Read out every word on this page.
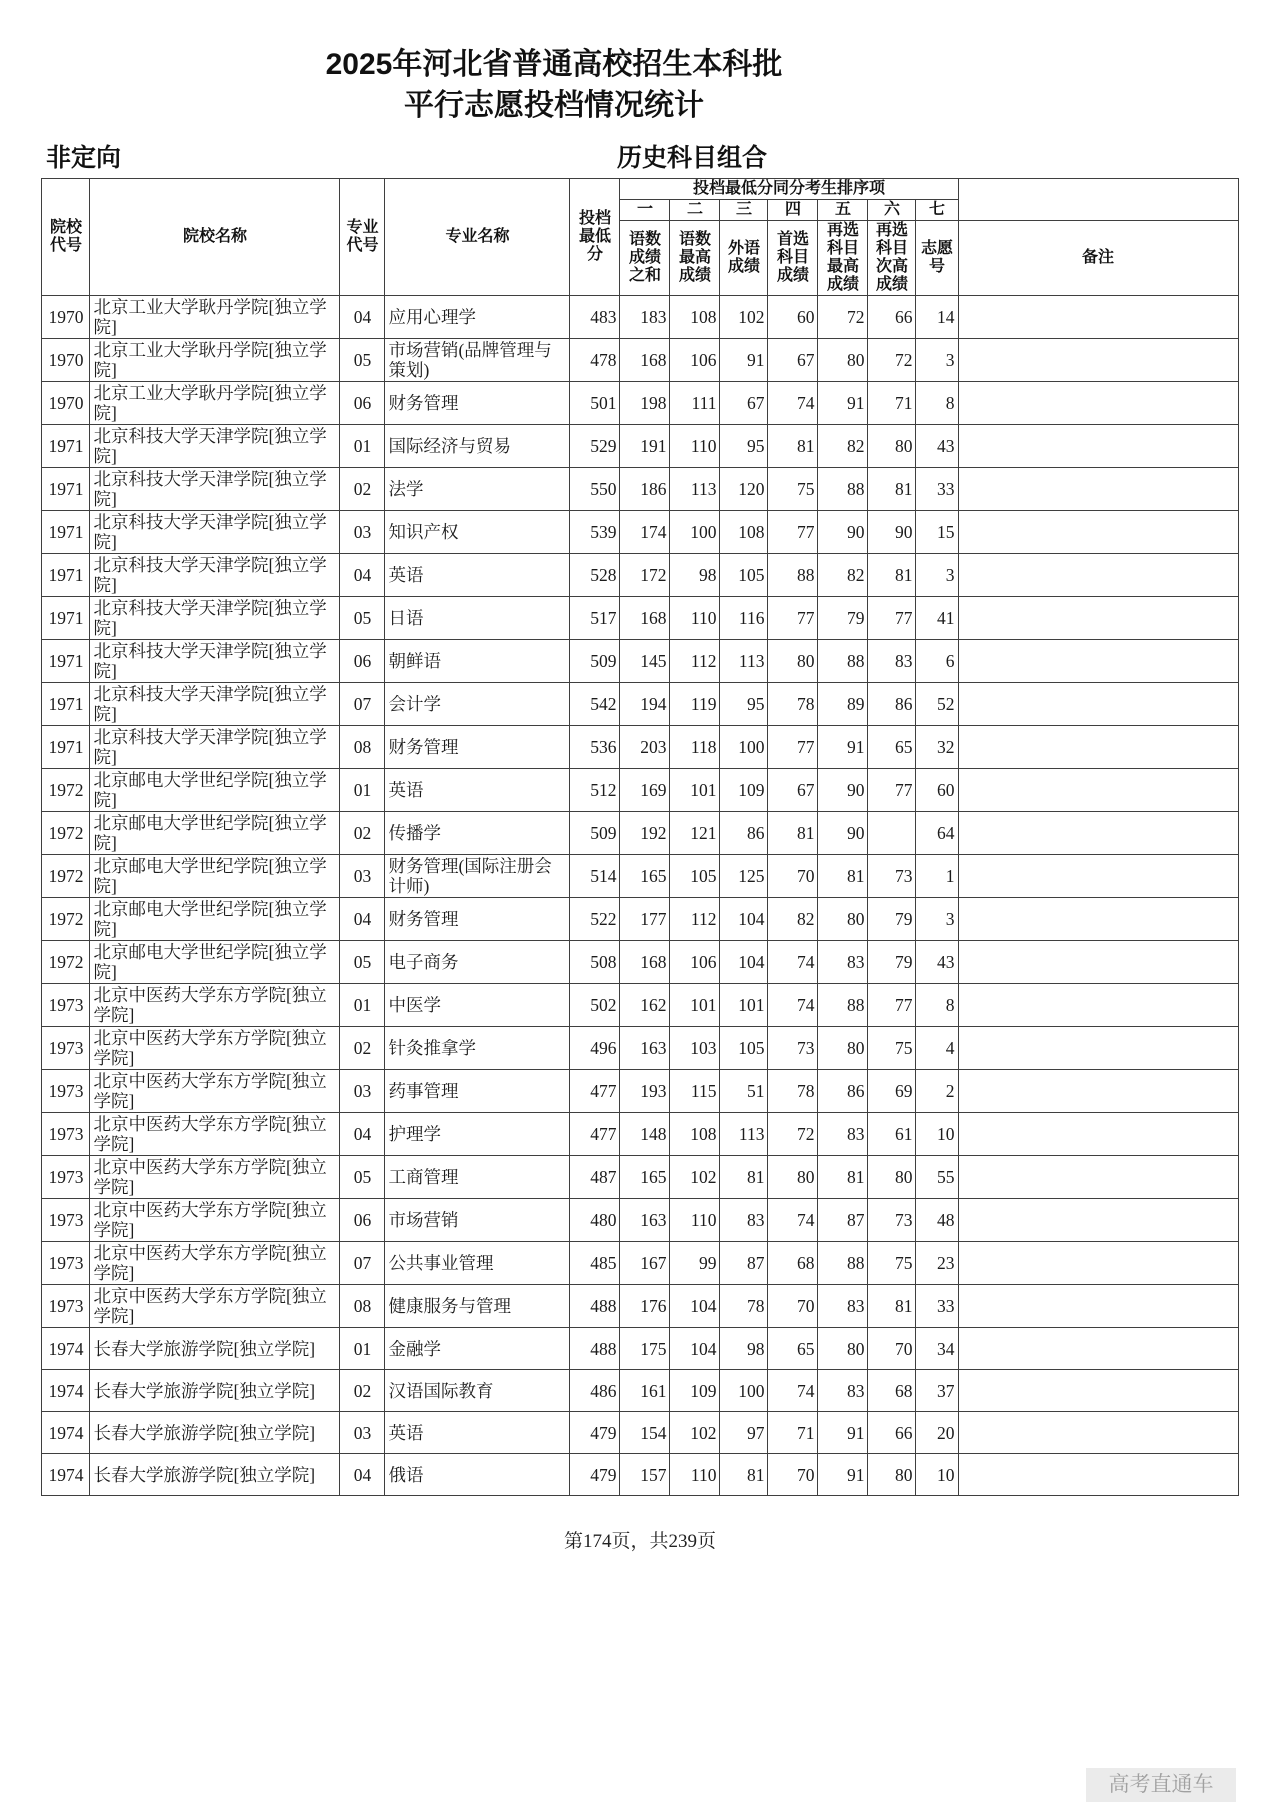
2025年河北省普通高校招生本科批
平行志愿投档情况统计
非定向	历史科目组合
院校代号	院校名称	专业代号	专业名称	投档最低分	投档最低分同分考生排序项							
					一	二	三	四	五	六	七	
					语数成绩之和	语数最高成绩	外语成绩	首选科目成绩	再选科目最高成绩	再选科目次高成绩	志愿号	备注
1970	北京工业大学耿丹学院[独立学院]	04	应用心理学	483	183	108	102	60	72	66	14	
1970	北京工业大学耿丹学院[独立学院]	05	市场营销(品牌管理与策划)	478	168	106	91	67	80	72	3	
1970	北京工业大学耿丹学院[独立学院]	06	财务管理	501	198	111	67	74	91	71	8	
1971	北京科技大学天津学院[独立学院]	01	国际经济与贸易	529	191	110	95	81	82	80	43	
1971	北京科技大学天津学院[独立学院]	02	法学	550	186	113	120	75	88	81	33	
1971	北京科技大学天津学院[独立学院]	03	知识产权	539	174	100	108	77	90	90	15	
1971	北京科技大学天津学院[独立学院]	04	英语	528	172	98	105	88	82	81	3	
1971	北京科技大学天津学院[独立学院]	05	日语	517	168	110	116	77	79	77	41	
1971	北京科技大学天津学院[独立学院]	06	朝鲜语	509	145	112	113	80	88	83	6	
1971	北京科技大学天津学院[独立学院]	07	会计学	542	194	119	95	78	89	86	52	
1971	北京科技大学天津学院[独立学院]	08	财务管理	536	203	118	100	77	91	65	32	
1972	北京邮电大学世纪学院[独立学院]	01	英语	512	169	101	109	67	90	77	60	
1972	北京邮电大学世纪学院[独立学院]	02	传播学	509	192	121	86	81	90		64	
1972	北京邮电大学世纪学院[独立学院]	03	财务管理(国际注册会计师)	514	165	105	125	70	81	73	1	
1972	北京邮电大学世纪学院[独立学院]	04	财务管理	522	177	112	104	82	80	79	3	
1972	北京邮电大学世纪学院[独立学院]	05	电子商务	508	168	106	104	74	83	79	43	
1973	北京中医药大学东方学院[独立学院]	01	中医学	502	162	101	101	74	88	77	8	
1973	北京中医药大学东方学院[独立学院]	02	针灸推拿学	496	163	103	105	73	80	75	4	
1973	北京中医药大学东方学院[独立学院]	03	药事管理	477	193	115	51	78	86	69	2	
1973	北京中医药大学东方学院[独立学院]	04	护理学	477	148	108	113	72	83	61	10	
1973	北京中医药大学东方学院[独立学院]	05	工商管理	487	165	102	81	80	81	80	55	
1973	北京中医药大学东方学院[独立学院]	06	市场营销	480	163	110	83	74	87	73	48	
1973	北京中医药大学东方学院[独立学院]	07	公共事业管理	485	167	99	87	68	88	75	23	
1973	北京中医药大学东方学院[独立学院]	08	健康服务与管理	488	176	104	78	70	83	81	33	
1974	长春大学旅游学院[独立学院]	01	金融学	488	175	104	98	65	80	70	34	
1974	长春大学旅游学院[独立学院]	02	汉语国际教育	486	161	109	100	74	83	68	37	
1974	长春大学旅游学院[独立学院]	03	英语	479	154	102	97	71	91	66	20	
1974	长春大学旅游学院[独立学院]	04	俄语	479	157	110	81	70	91	80	10	
第174页，共239页
高考直通车
